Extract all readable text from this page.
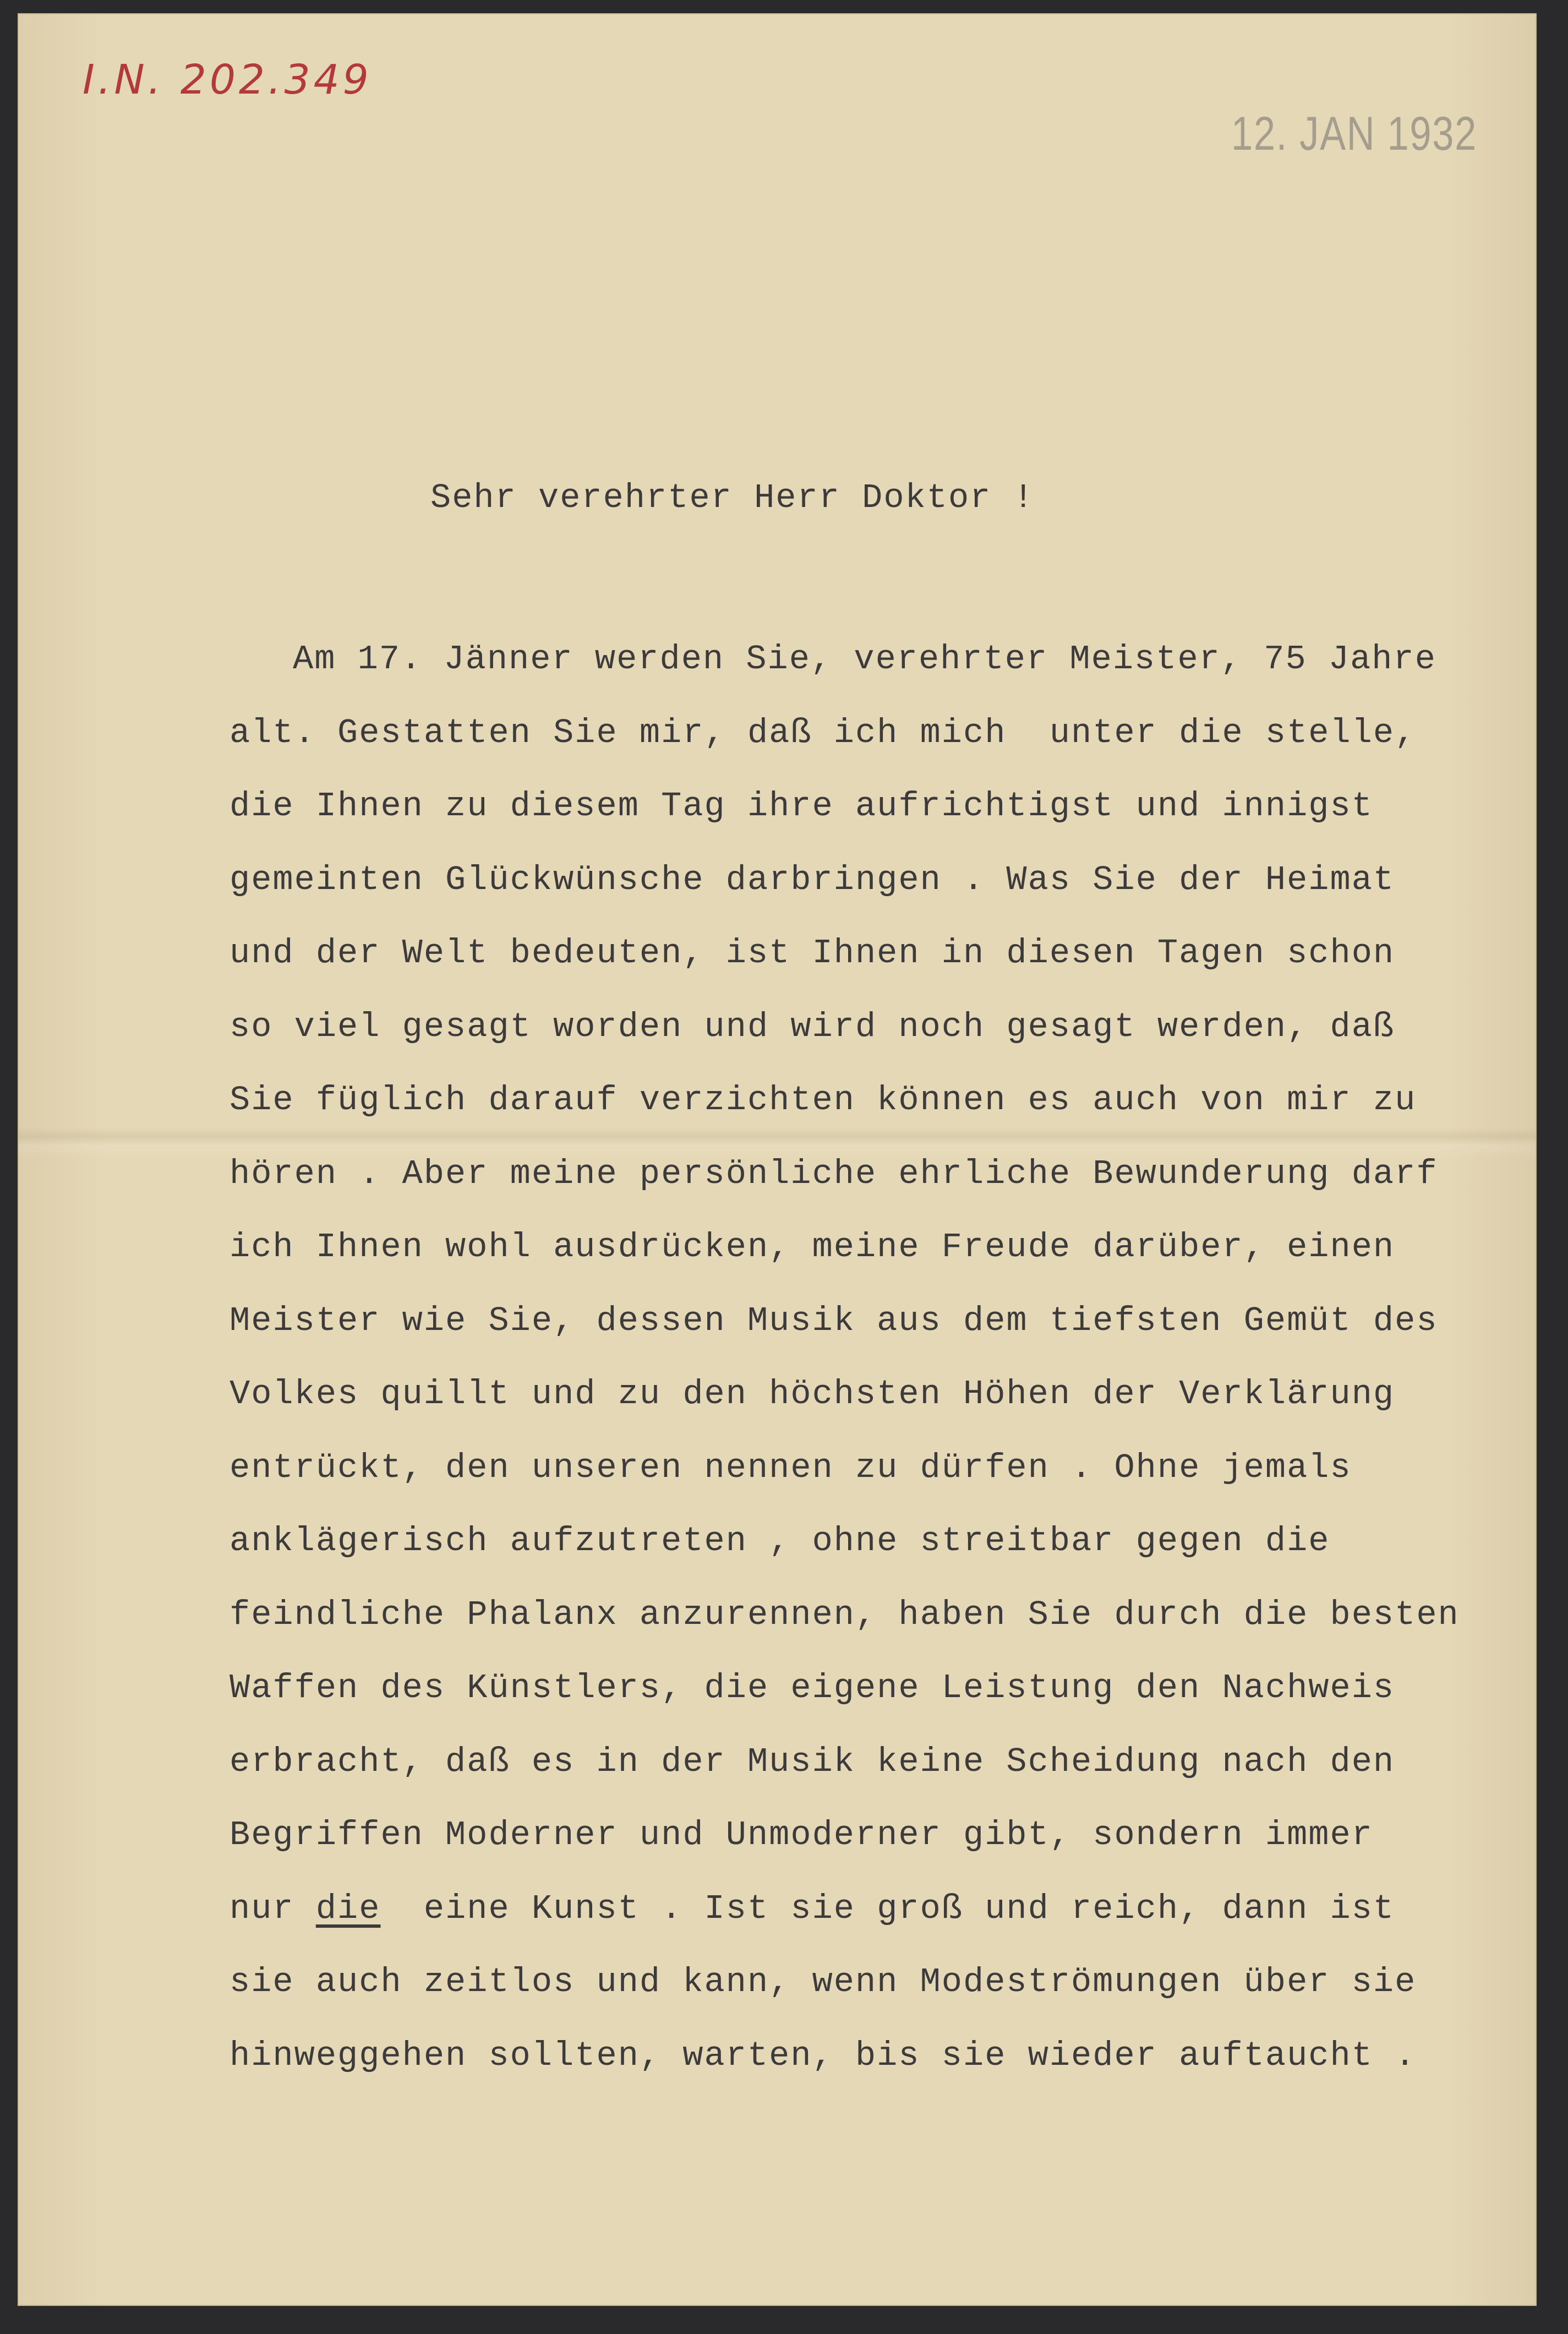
I.N. 202.349
12. JAN 1932
Sehr verehrter Herr Doktor !
Am 17. Jänner werden Sie, verehrter Meister, 75 Jahre
alt. Gestatten Sie mir, daß ich mich  unter die stelle,
die Ihnen zu diesem Tag ihre aufrichtigst und innigst
gemeinten Glückwünsche darbringen . Was Sie der Heimat
und der Welt bedeuten, ist Ihnen in diesen Tagen schon
so viel gesagt worden und wird noch gesagt werden, daß
Sie füglich darauf verzichten können es auch von mir zu
hören . Aber meine persönliche ehrliche Bewunderung darf
ich Ihnen wohl ausdrücken, meine Freude darüber, einen
Meister wie Sie, dessen Musik aus dem tiefsten Gemüt des
Volkes quillt und zu den höchsten Höhen der Verklärung
entrückt, den unseren nennen zu dürfen . Ohne jemals
anklägerisch aufzutreten , ohne streitbar gegen die
feindliche Phalanx anzurennen, haben Sie durch die besten
Waffen des Künstlers, die eigene Leistung den Nachweis
erbracht, daß es in der Musik keine Scheidung nach den
Begriffen Moderner und Unmoderner gibt, sondern immer
nur die  eine Kunst . Ist sie groß und reich, dann ist
sie auch zeitlos und kann, wenn Modeströmungen über sie
hinweggehen sollten, warten, bis sie wieder auftaucht .
